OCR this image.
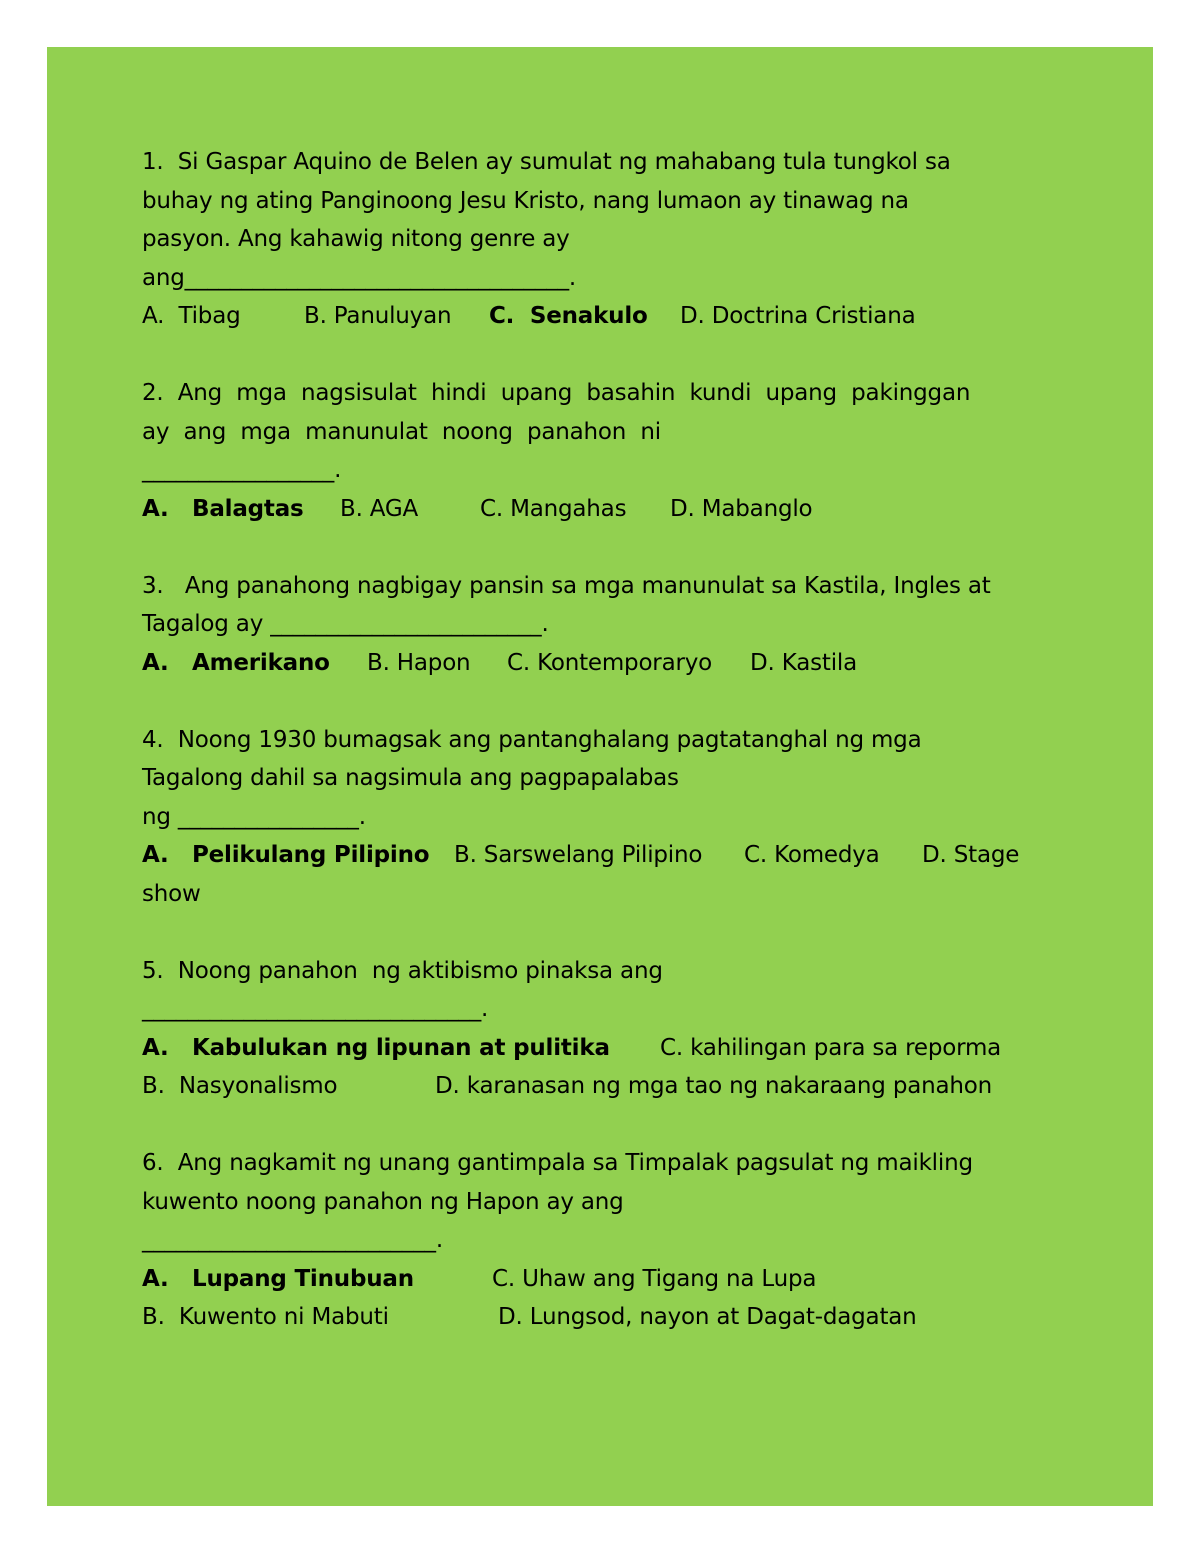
1.  Si Gaspar Aquino de Belen ay sumulat ng mahabang tula tungkol sa
buhay ng ating Panginoong Jesu Kristo, nang lumaon ay tinawag na
pasyon. Ang kahawig nitong genre ay
ang__________________________________.

A.  Tibag

	B. Panuluyan

C.  Senakulo

D. Doctrina Cristiana

2.  Ang  mga  nagsisulat  hindi  upang  basahin  kundi  upang  pakinggan
ay  ang  mga  manunulat  noong  panahon  ni
_________________.

A.   Balagtas

B. AGA

	C. Mangahas

D. Mabanglo

3.   Ang panahong nagbigay pansin sa mga manunulat sa Kastila, Ingles at
Tagalog ay ________________________.

A.   Amerikano

B. Hapon

C. Kontemporaryo

D. Kastila

4.  Noong 1930 bumagsak ang pantanghalang pagtatanghal ng mga
Tagalong dahil sa nagsimula ang pagpapalabas
ng ________________.

A.   Pelikulang Pilipino

B. Sarswelang Pilipino

C. Komedya

D. Stage

show
5.  Noong panahon  ng aktibismo pinaksa ang
______________________________.

A.   Kabulukan ng lipunan at pulitika

C. kahilingan para sa reporma

B.  Nasyonalismo

	D. karanasan ng mga tao ng nakaraang panahon

6.  Ang nagkamit ng unang gantimpala sa Timpalak pagsulat ng maikling
kuwento noong panahon ng Hapon ay ang
__________________________.

A.   Lupang Tinubuan

	C. Uhaw ang Tigang na Lupa

B.  Kuwento ni Mabuti

	D. Lungsod, nayon at Dagat-dagatan
